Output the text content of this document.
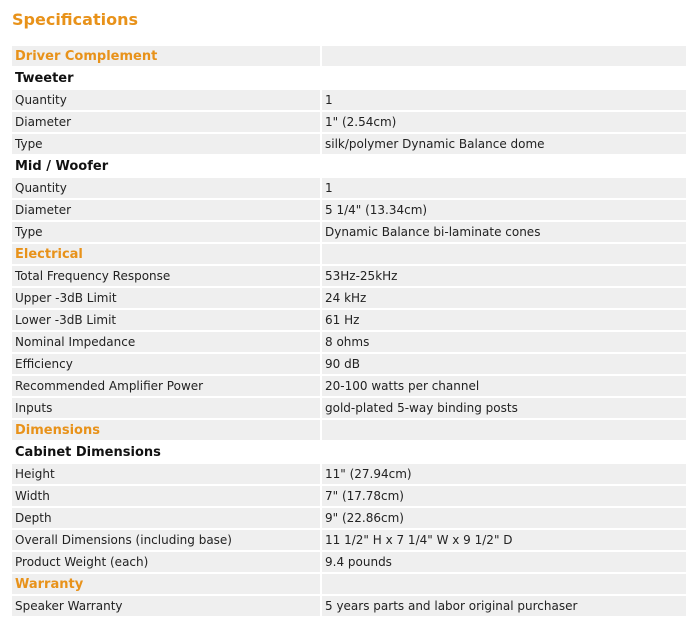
Specifications
Driver Complement	

Tweeter	

Quantity	1

Diameter	1" (2.54cm)

Type	silk/polymer Dynamic Balance dome

Mid / Woofer	

Quantity	1

Diameter	5 1/4" (13.34cm)

Type	Dynamic Balance bi-laminate cones

Electrical	

Total Frequency Response	53Hz-25kHz

Upper -3dB Limit	24 kHz

Lower -3dB Limit	61 Hz

Nominal Impedance	8 ohms

Efficiency	90 dB

Recommended Amplifier Power	20-100 watts per channel

Inputs	gold-plated 5-way binding posts

Dimensions	

Cabinet Dimensions	

Height	11" (27.94cm)

Width	7" (17.78cm)

Depth	9" (22.86cm)

Overall Dimensions (including base)	11 1/2" H x 7 1/4" W x 9 1/2" D

Product Weight (each)	9.4 pounds

Warranty	

Speaker Warranty	5 years parts and labor original purchaser
